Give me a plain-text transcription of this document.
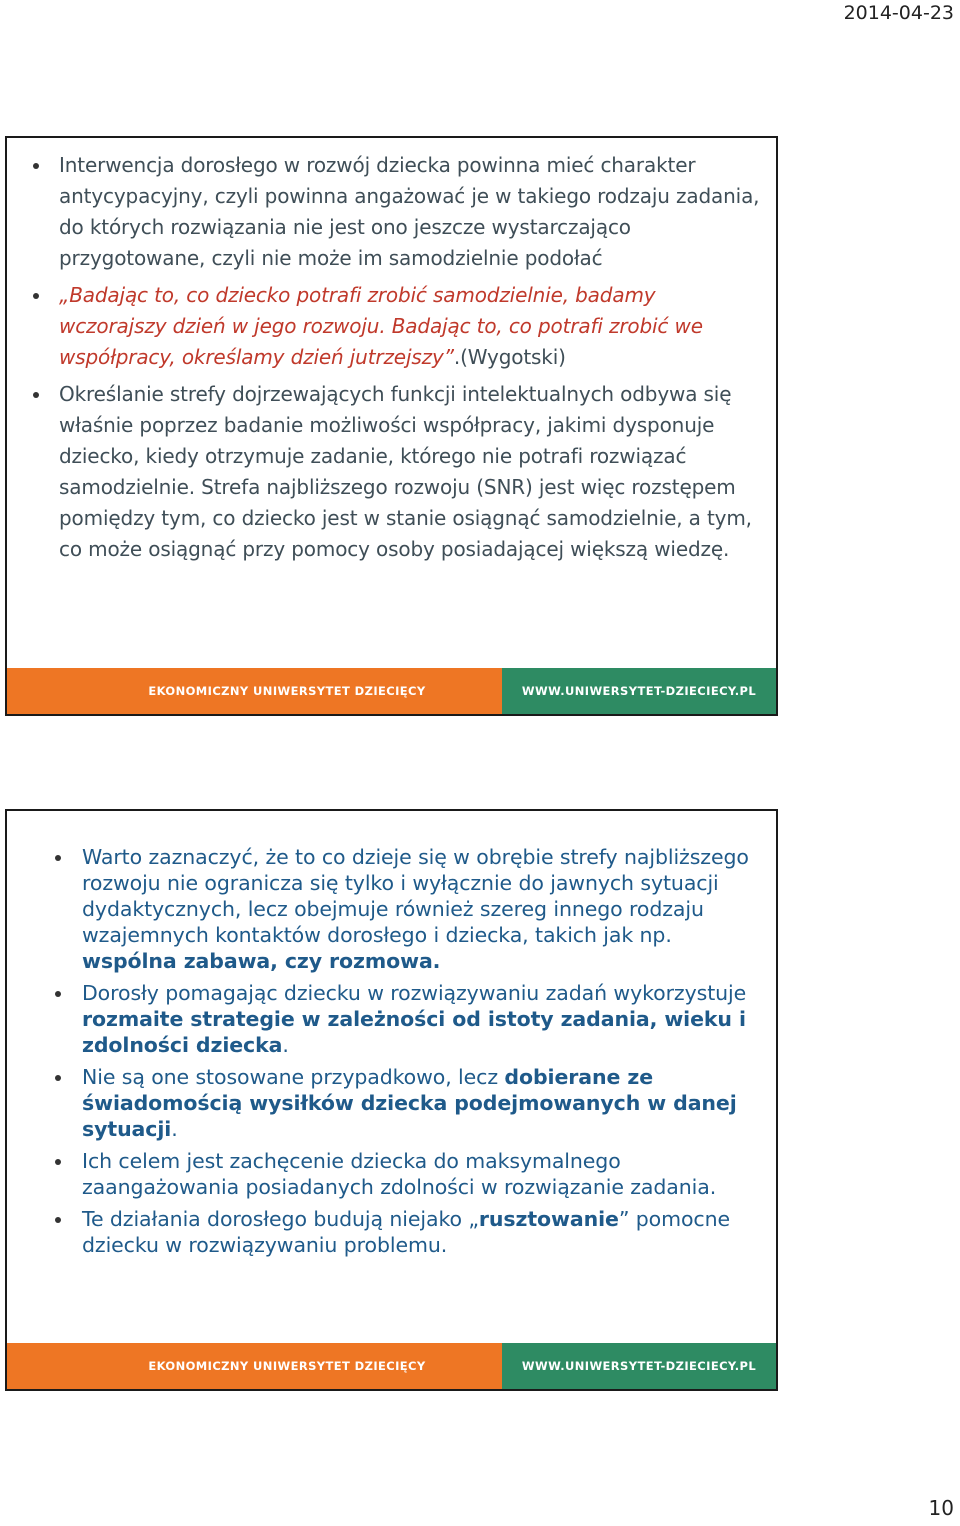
2014-04-23
Interwencja dorosłego w rozwój dziecka powinna mieć charakter antycypacyjny, czyli powinna angażować je w takiego rodzaju zadania, do których rozwiązania nie jest ono jeszcze wystarczająco przygotowane, czyli nie może im samodzielnie podołać
„Badając to, co dziecko potrafi zrobić samodzielnie, badamy wczorajszy dzień w jego rozwoju. Badając to, co potrafi zrobić we współpracy, określamy dzień jutrzejszy”.(Wygotski)
Określanie strefy dojrzewających funkcji intelektualnych odbywa się właśnie poprzez badanie możliwości współpracy, jakimi dysponuje dziecko, kiedy otrzymuje zadanie, którego nie potrafi rozwiązać samodzielnie. Strefa najbliższego rozwoju (SNR) jest więc rozstępem pomiędzy tym, co dziecko jest w stanie osiągnąć samodzielnie, a tym, co może osiągnąć przy pomocy osoby posiadającej większą wiedzę.
EKONOMICZNY UNIWERSYTET DZIECIĘCY	WWW.UNIWERSYTET-DZIECIECY.PL
Warto zaznaczyć, że to co dzieje się w obrębie strefy najbliższego rozwoju nie ogranicza się tylko i wyłącznie do jawnych sytuacji dydaktycznych, lecz obejmuje również szereg innego rodzaju wzajemnych kontaktów dorosłego i dziecka, takich jak np. wspólna zabawa, czy rozmowa.
Dorosły pomagając dziecku w rozwiązywaniu zadań wykorzystuje rozmaite strategie w zależności od istoty zadania, wieku i zdolności dziecka.
Nie są one stosowane przypadkowo, lecz dobierane ze świadomością wysiłków dziecka podejmowanych w danej sytuacji.
Ich celem jest zachęcenie dziecka do maksymalnego zaangażowania posiadanych zdolności w rozwiązanie zadania.
Te działania dorosłego budują niejako „rusztowanie” pomocne dziecku w rozwiązywaniu problemu.
EKONOMICZNY UNIWERSYTET DZIECIĘCY	WWW.UNIWERSYTET-DZIECIECY.PL
10
